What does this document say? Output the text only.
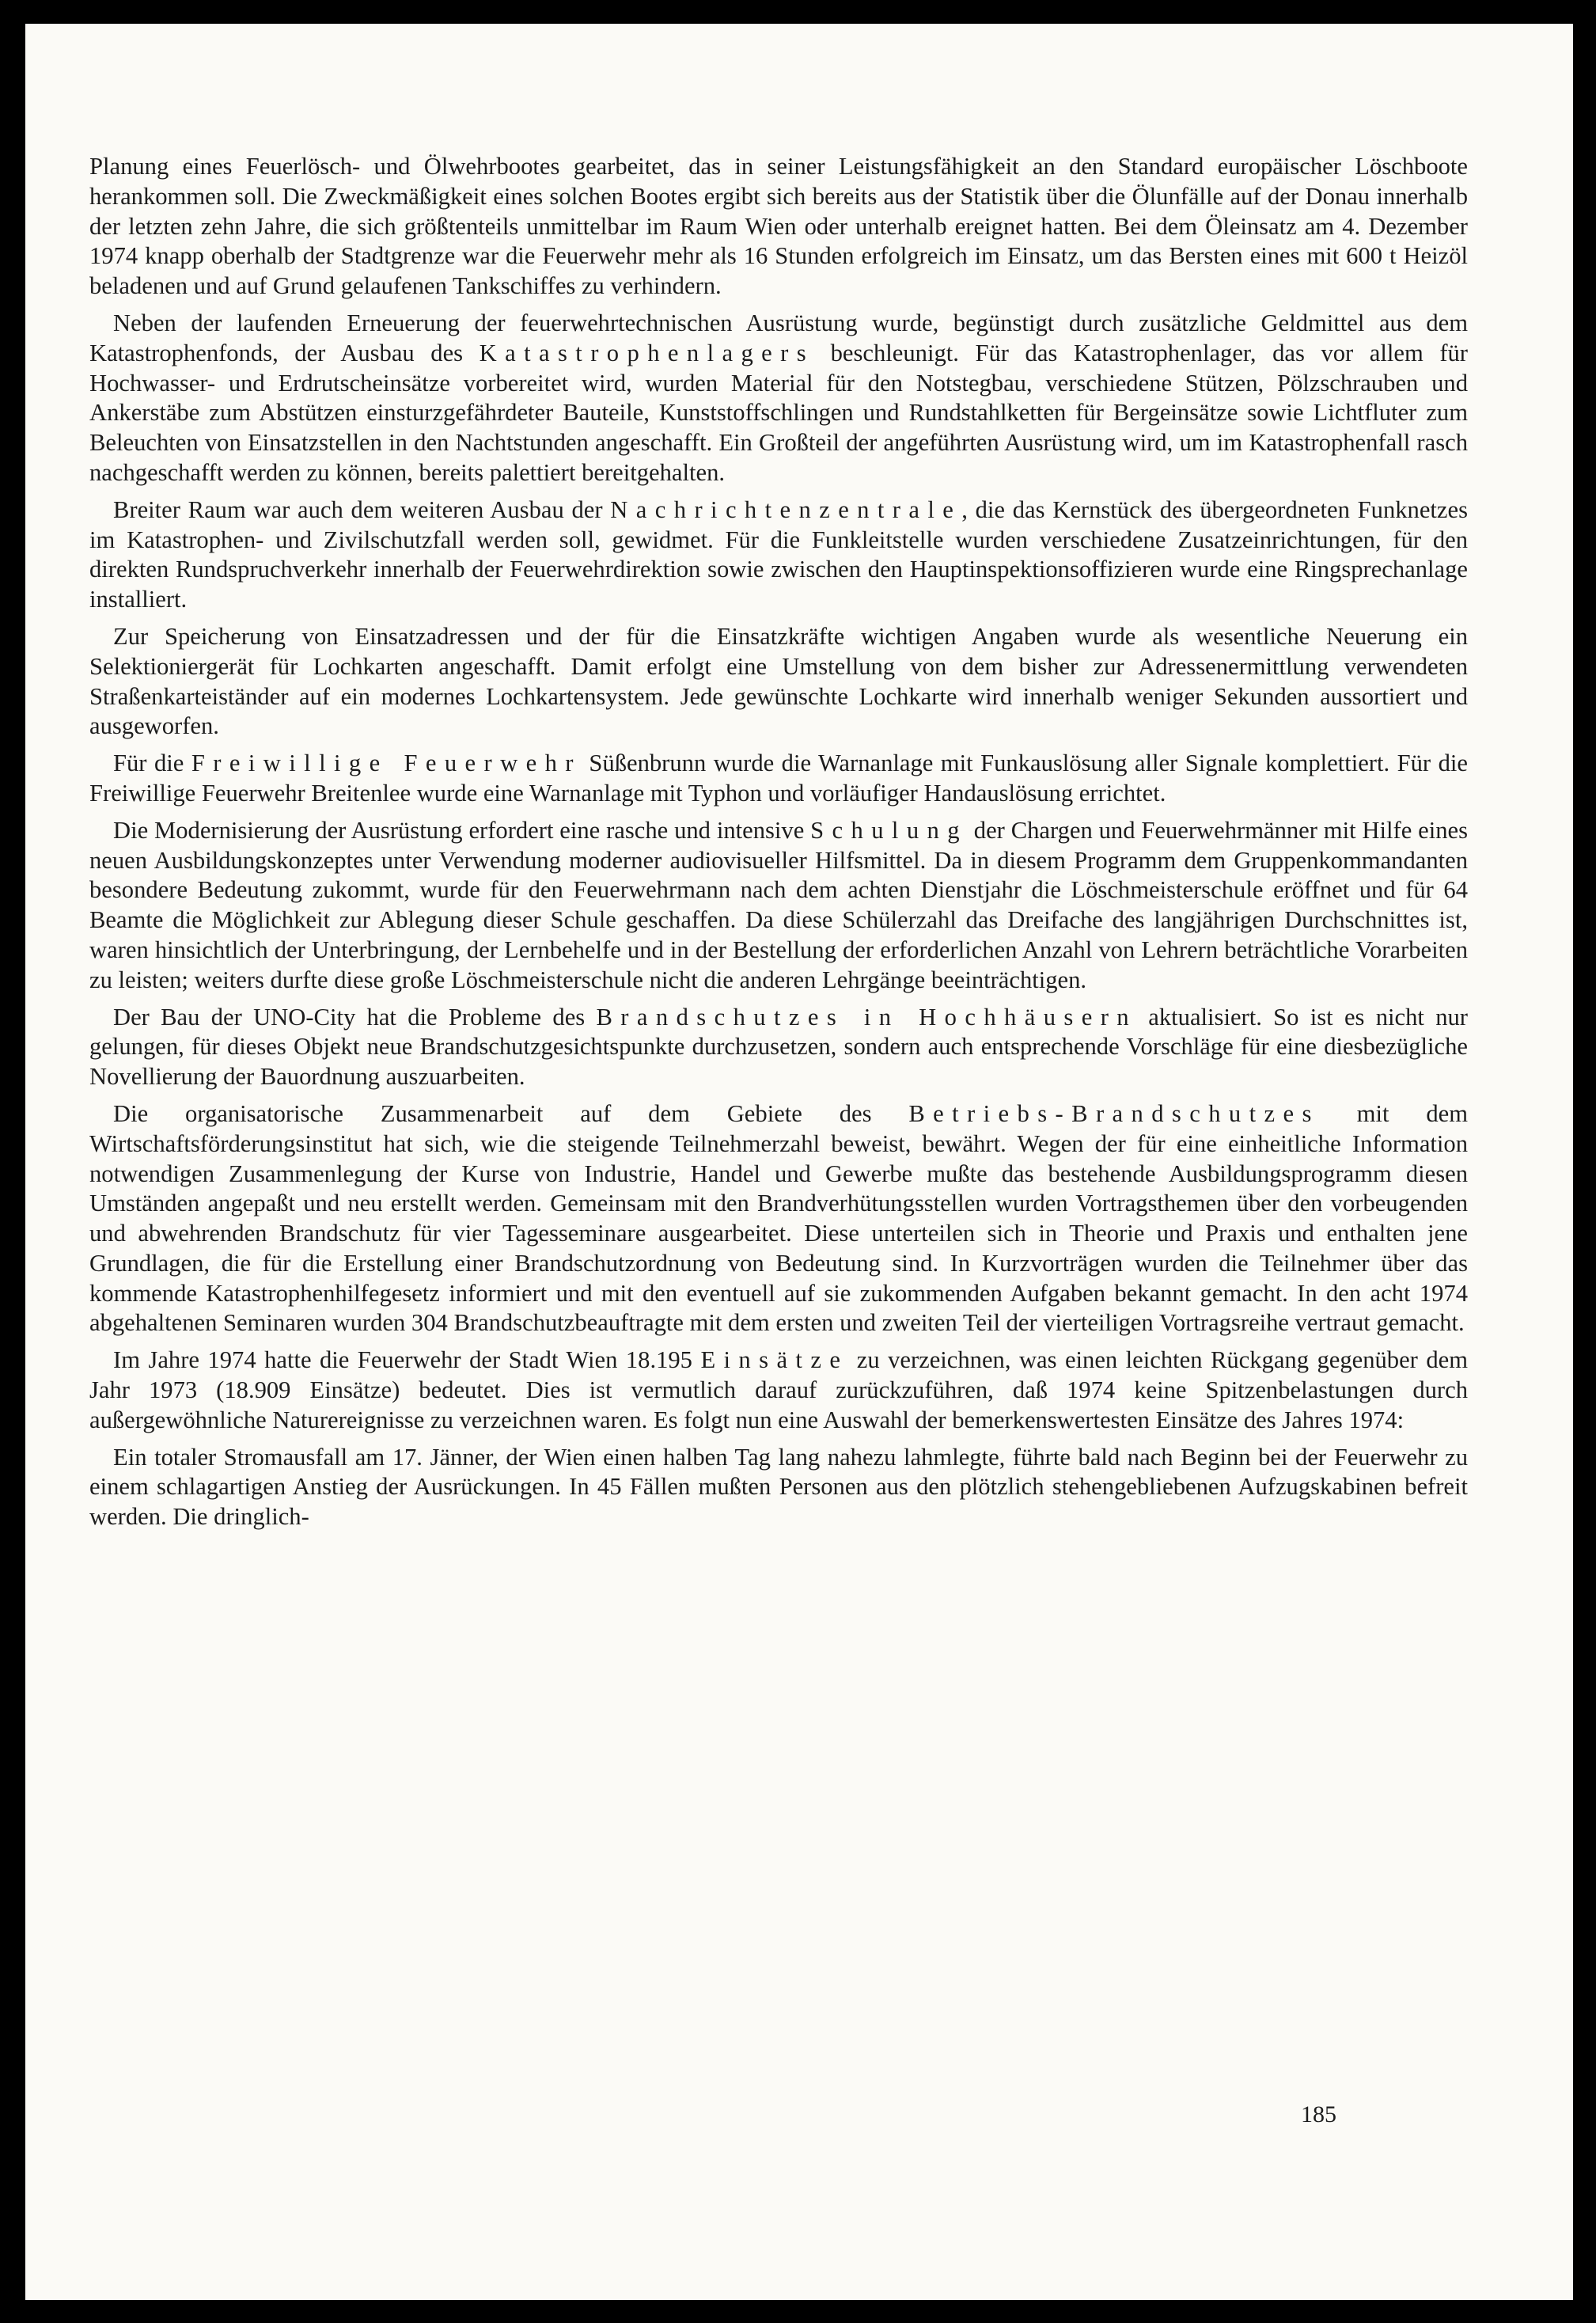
Planung eines Feuerlösch- und Ölwehrbootes gearbeitet, das in seiner Leistungsfähigkeit an den Standard europäischer Löschboote herankommen soll. Die Zweckmäßigkeit eines solchen Bootes ergibt sich bereits aus der Statistik über die Ölunfälle auf der Donau innerhalb der letzten zehn Jahre, die sich größtenteils unmittelbar im Raum Wien oder unterhalb ereignet hatten. Bei dem Öleinsatz am 4. Dezember 1974 knapp oberhalb der Stadtgrenze war die Feuerwehr mehr als 16 Stunden erfolgreich im Einsatz, um das Bersten eines mit 600 t Heizöl beladenen und auf Grund gelaufenen Tankschiffes zu verhindern.

Neben der laufenden Erneuerung der feuerwehrtechnischen Ausrüstung wurde, begünstigt durch zusätzliche Geldmittel aus dem Katastrophenfonds, der Ausbau des Katastrophenlagers beschleunigt. Für das Katastrophenlager, das vor allem für Hochwasser- und Erdrutscheinsätze vorbereitet wird, wurden Material für den Notstegbau, verschiedene Stützen, Pölzschrauben und Ankerstäbe zum Abstützen einsturzgefährdeter Bauteile, Kunststoffschlingen und Rundstahlketten für Bergeinsätze sowie Lichtfluter zum Beleuchten von Einsatzstellen in den Nachtstunden angeschafft. Ein Großteil der angeführten Ausrüstung wird, um im Katastrophenfall rasch nachgeschafft werden zu können, bereits palettiert bereitgehalten.

Breiter Raum war auch dem weiteren Ausbau der Nachrichtenzentrale, die das Kernstück des übergeordneten Funknetzes im Katastrophen- und Zivilschutzfall werden soll, gewidmet. Für die Funkleitstelle wurden verschiedene Zusatzeinrichtungen, für den direkten Rundspruchverkehr innerhalb der Feuerwehrdirektion sowie zwischen den Hauptinspektionsoffizieren wurde eine Ringsprechanlage installiert.

Zur Speicherung von Einsatzadressen und der für die Einsatzkräfte wichtigen Angaben wurde als wesentliche Neuerung ein Selektioniergerät für Lochkarten angeschafft. Damit erfolgt eine Umstellung von dem bisher zur Adressenermittlung verwendeten Straßenkarteiständer auf ein modernes Lochkartensystem. Jede gewünschte Lochkarte wird innerhalb weniger Sekunden aussortiert und ausgeworfen.

Für die Freiwillige Feuerwehr Süßenbrunn wurde die Warnanlage mit Funkauslösung aller Signale komplettiert. Für die Freiwillige Feuerwehr Breitenlee wurde eine Warnanlage mit Typhon und vorläufiger Handauslösung errichtet.

Die Modernisierung der Ausrüstung erfordert eine rasche und intensive Schulung der Chargen und Feuerwehrmänner mit Hilfe eines neuen Ausbildungskonzeptes unter Verwendung moderner audiovisueller Hilfsmittel. Da in diesem Programm dem Gruppenkommandanten besondere Bedeutung zukommt, wurde für den Feuerwehrmann nach dem achten Dienstjahr die Löschmeisterschule eröffnet und für 64 Beamte die Möglichkeit zur Ablegung dieser Schule geschaffen. Da diese Schülerzahl das Dreifache des langjährigen Durchschnittes ist, waren hinsichtlich der Unterbringung, der Lernbehelfe und in der Bestellung der erforderlichen Anzahl von Lehrern beträchtliche Vorarbeiten zu leisten; weiters durfte diese große Löschmeisterschule nicht die anderen Lehrgänge beeinträchtigen.

Der Bau der UNO-City hat die Probleme des Brandschutzes in Hochhäusern aktualisiert. So ist es nicht nur gelungen, für dieses Objekt neue Brandschutzgesichtspunkte durchzusetzen, sondern auch entsprechende Vorschläge für eine diesbezügliche Novellierung der Bauordnung auszuarbeiten.

Die organisatorische Zusammenarbeit auf dem Gebiete des Betriebs-Brandschutzes mit dem Wirtschaftsförderungsinstitut hat sich, wie die steigende Teilnehmerzahl beweist, bewährt. Wegen der für eine einheitliche Information notwendigen Zusammenlegung der Kurse von Industrie, Handel und Gewerbe mußte das bestehende Ausbildungsprogramm diesen Umständen angepaßt und neu erstellt werden. Gemeinsam mit den Brandverhütungsstellen wurden Vortragsthemen über den vorbeugenden und abwehrenden Brandschutz für vier Tagesseminare ausgearbeitet. Diese unterteilen sich in Theorie und Praxis und enthalten jene Grundlagen, die für die Erstellung einer Brandschutzordnung von Bedeutung sind. In Kurzvorträgen wurden die Teilnehmer über das kommende Katastrophenhilfegesetz informiert und mit den eventuell auf sie zukommenden Aufgaben bekannt gemacht. In den acht 1974 abgehaltenen Seminaren wurden 304 Brandschutzbeauftragte mit dem ersten und zweiten Teil der vierteiligen Vortragsreihe vertraut gemacht.

Im Jahre 1974 hatte die Feuerwehr der Stadt Wien 18.195 Einsätze zu verzeichnen, was einen leichten Rückgang gegenüber dem Jahr 1973 (18.909 Einsätze) bedeutet. Dies ist vermutlich darauf zurückzuführen, daß 1974 keine Spitzenbelastungen durch außergewöhnliche Naturereignisse zu verzeichnen waren. Es folgt nun eine Auswahl der bemerkenswertesten Einsätze des Jahres 1974:

Ein totaler Stromausfall am 17. Jänner, der Wien einen halben Tag lang nahezu lahmlegte, führte bald nach Beginn bei der Feuerwehr zu einem schlagartigen Anstieg der Ausrückungen. In 45 Fällen mußten Personen aus den plötzlich stehengebliebenen Aufzugskabinen befreit werden. Die dringlich-

185
